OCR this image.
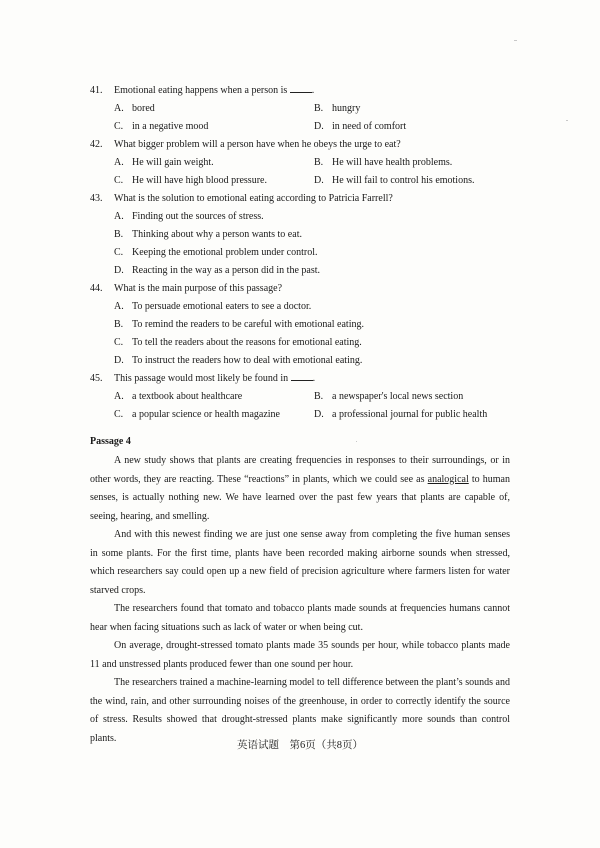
41. Emotional eating happens when a person is .
A. bored	B. hungry
C. in a negative mood	D. in need of comfort
42. What bigger problem will a person have when he obeys the urge to eat?
A. He will gain weight.	B. He will have health problems.
C. He will have high blood pressure.	D. He will fail to control his emotions.
43. What is the solution to emotional eating according to Patricia Farrell?
A. Finding out the sources of stress.
B. Thinking about why a person wants to eat.
C. Keeping the emotional problem under control.
D. Reacting in the way as a person did in the past.
44. What is the main purpose of this passage?
A. To persuade emotional eaters to see a doctor.
B. To remind the readers to be careful with emotional eating.
C. To tell the readers about the reasons for emotional eating.
D. To instruct the readers how to deal with emotional eating.
45. This passage would most likely be found in .
A. a textbook about healthcare	B. a newspaper's local news section
C. a popular science or health magazine	D. a professional journal for public health
Passage 4

A new study shows that plants are creating frequencies in responses to their surroundings, or in other words, they are reacting. These “reactions” in plants, which we could see as analogical to human senses, is actually nothing new. We have learned over the past few years that plants are capable of, seeing, hearing, and smelling.

And with this newest finding we are just one sense away from completing the five human senses in some plants. For the first time, plants have been recorded making airborne sounds when stressed, which researchers say could open up a new field of precision agriculture where farmers listen for water starved crops.

The researchers found that tomato and tobacco plants made sounds at frequencies humans cannot hear when facing situations such as lack of water or when being cut.

On average, drought-stressed tomato plants made 35 sounds per hour, while tobacco plants made 11 and unstressed plants produced fewer than one sound per hour.

The researchers trained a machine-learning model to tell difference between the plant’s sounds and the wind, rain, and other surrounding noises of the greenhouse, in order to correctly identify the source of stress. Results showed that drought-stressed plants make significantly more sounds than control plants.

英语试题　第6页（共8页）
